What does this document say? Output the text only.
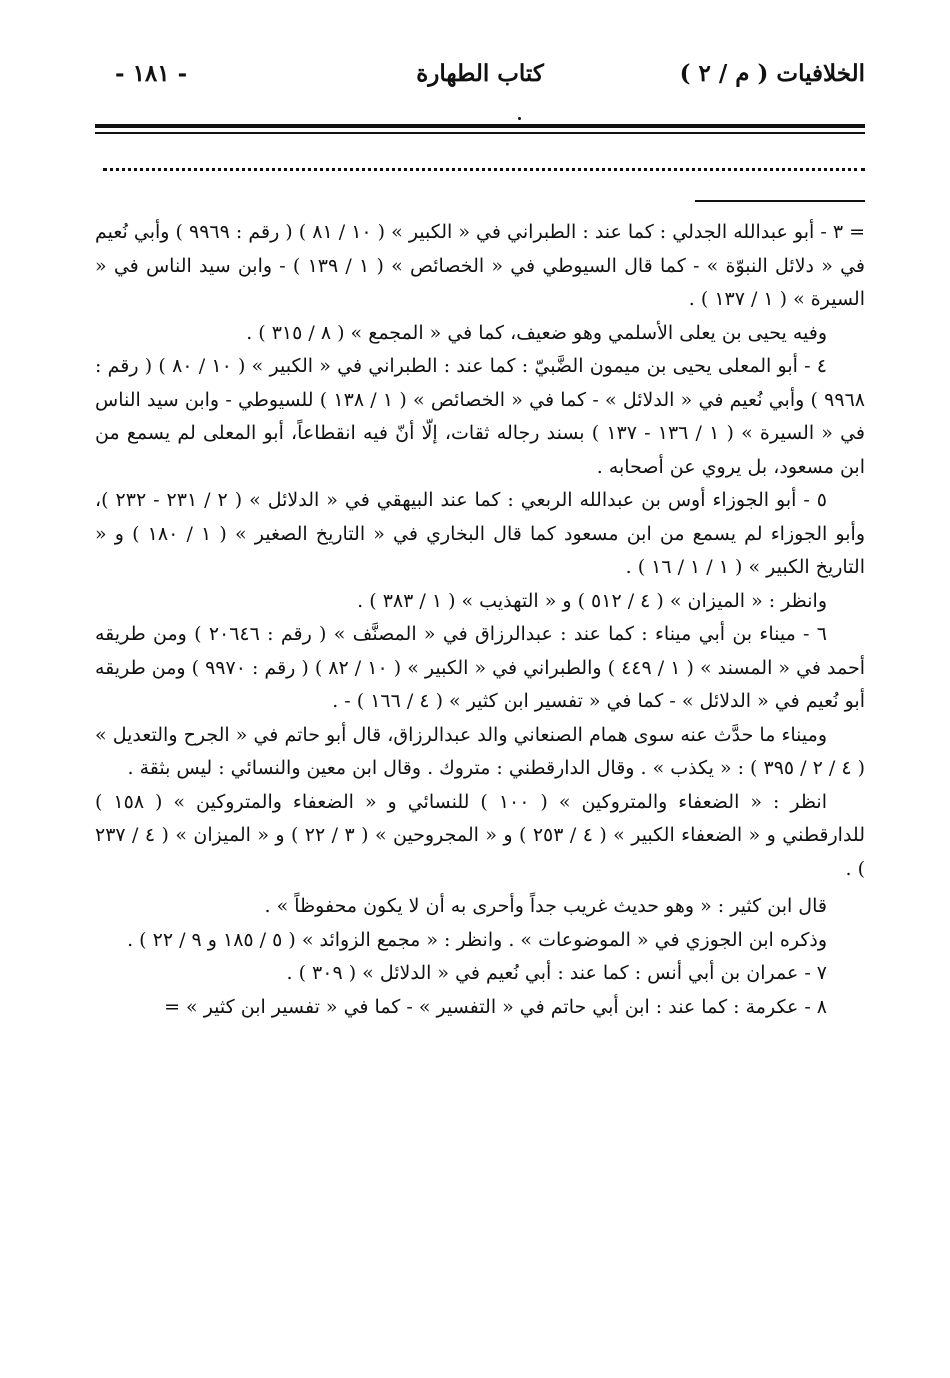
الخلافيات ( م / ٢ )
كتاب الطهارة
- ١٨١ -

= ٣ - أبو عبدالله الجدلي : كما عند : الطبراني في « الكبير » ( ١٠ / ٨١ ) ( رقم : ٩٩٦٩ ) وأبي نُعيم في « دلائل النبوّة » - كما قال السيوطي في « الخصائص » ( ١ / ١٣٩ ) - وابن سيد الناس في « السيرة » ( ١ / ١٣٧ ) .

وفيه يحيى بن يعلى الأسلمي وهو ضعيف، كما في « المجمع » ( ٨ / ٣١٥ ) .

٤ - أبو المعلى يحيى بن ميمون الضَّبيّ : كما عند : الطبراني في « الكبير » ( ١٠ / ٨٠ ) ( رقم : ٩٩٦٨ ) وأبي نُعيم في « الدلائل » - كما في « الخصائص » ( ١ / ١٣٨ ) للسيوطي - وابن سيد الناس في « السيرة » ( ١ / ١٣٦ - ١٣٧ ) بسند رجاله ثقات، إلّا أنّ فيه انقطاعاً، أبو المعلى لم يسمع من ابن مسعود، بل يروي عن أصحابه .

٥ - أبو الجوزاء أوس بن عبدالله الربعي : كما عند البيهقي في « الدلائل » ( ٢ / ٢٣١ - ٢٣٢ )، وأبو الجوزاء لم يسمع من ابن مسعود كما قال البخاري في « التاريخ الصغير » ( ١ / ١٨٠ ) و « التاريخ الكبير » ( ١ / ١ / ١٦ ) .

وانظر : « الميزان » ( ٤ / ٥١٢ ) و « التهذيب » ( ١ / ٣٨٣ ) .

٦ - ميناء بن أبي ميناء : كما عند : عبدالرزاق في « المصنَّف » ( رقم : ٢٠٦٤٦ ) ومن طريقه أحمد في « المسند » ( ١ / ٤٤٩ ) والطبراني في « الكبير » ( ١٠ / ٨٢ ) ( رقم : ٩٩٧٠ ) ومن طريقه أبو نُعيم في « الدلائل » - كما في « تفسير ابن كثير » ( ٤ / ١٦٦ ) - .

وميناء ما حدَّث عنه سوى همام الصنعاني والد عبدالرزاق، قال أبو حاتم في « الجرح والتعديل » ( ٤ / ٢ / ٣٩٥ ) : « يكذب » . وقال الدارقطني : متروك . وقال ابن معين والنسائي : ليس بثقة .

انظر : « الضعفاء والمتروكين » ( ١٠٠ ) للنسائي و « الضعفاء والمتروكين » ( ١٥٨ ) للدارقطني و « الضعفاء الكبير » ( ٤ / ٢٥٣ ) و « المجروحين » ( ٣ / ٢٢ ) و « الميزان » ( ٤ / ٢٣٧ ) .

قال ابن كثير : « وهو حديث غريب جداً وأحرى به أن لا يكون محفوظاً » .

وذكره ابن الجوزي في « الموضوعات » . وانظر : « مجمع الزوائد » ( ٥ / ١٨٥ و ٩ / ٢٢ ) .

٧ - عمران بن أبي أنس : كما عند : أبي نُعيم في « الدلائل » ( ٣٠٩ ) .

٨ - عكرمة : كما عند : ابن أبي حاتم في « التفسير » - كما في « تفسير ابن كثير » =
